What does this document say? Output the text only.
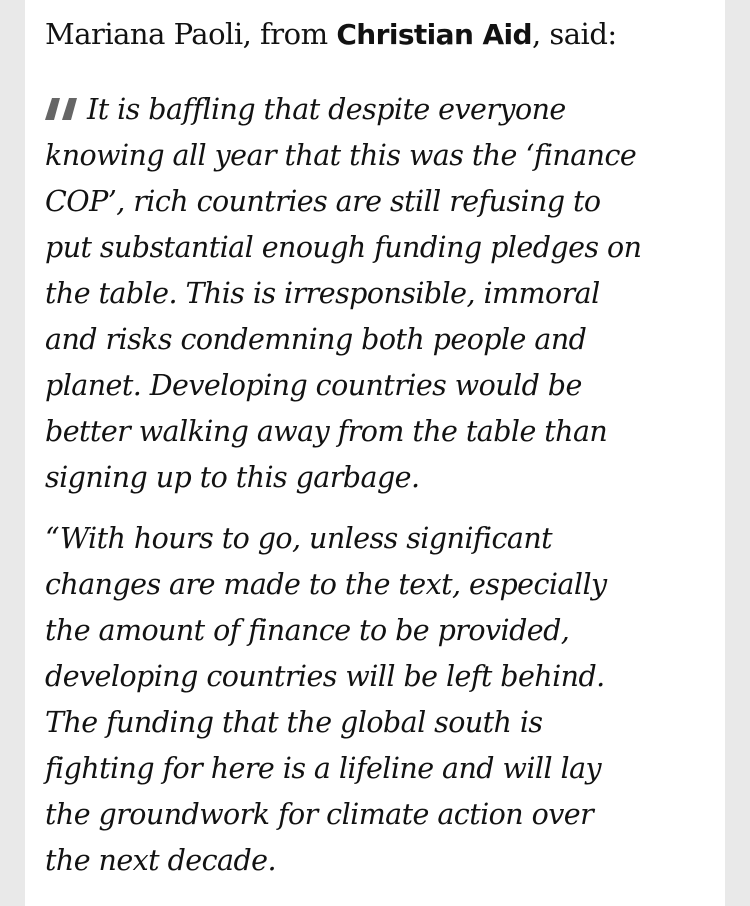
Mariana Paoli, from Christian Aid, said:

It is baffling that despite everyone
knowing all year that this was the ‘finance
COP’, rich countries are still refusing to
put substantial enough funding pledges on
the table. This is irresponsible, immoral
and risks condemning both people and
planet. Developing countries would be
better walking away from the table than
signing up to this garbage.
“With hours to go, unless significant
changes are made to the text, especially
the amount of finance to be provided,
developing countries will be left behind.
The funding that the global south is
fighting for here is a lifeline and will lay
the groundwork for climate action over
the next decade.
